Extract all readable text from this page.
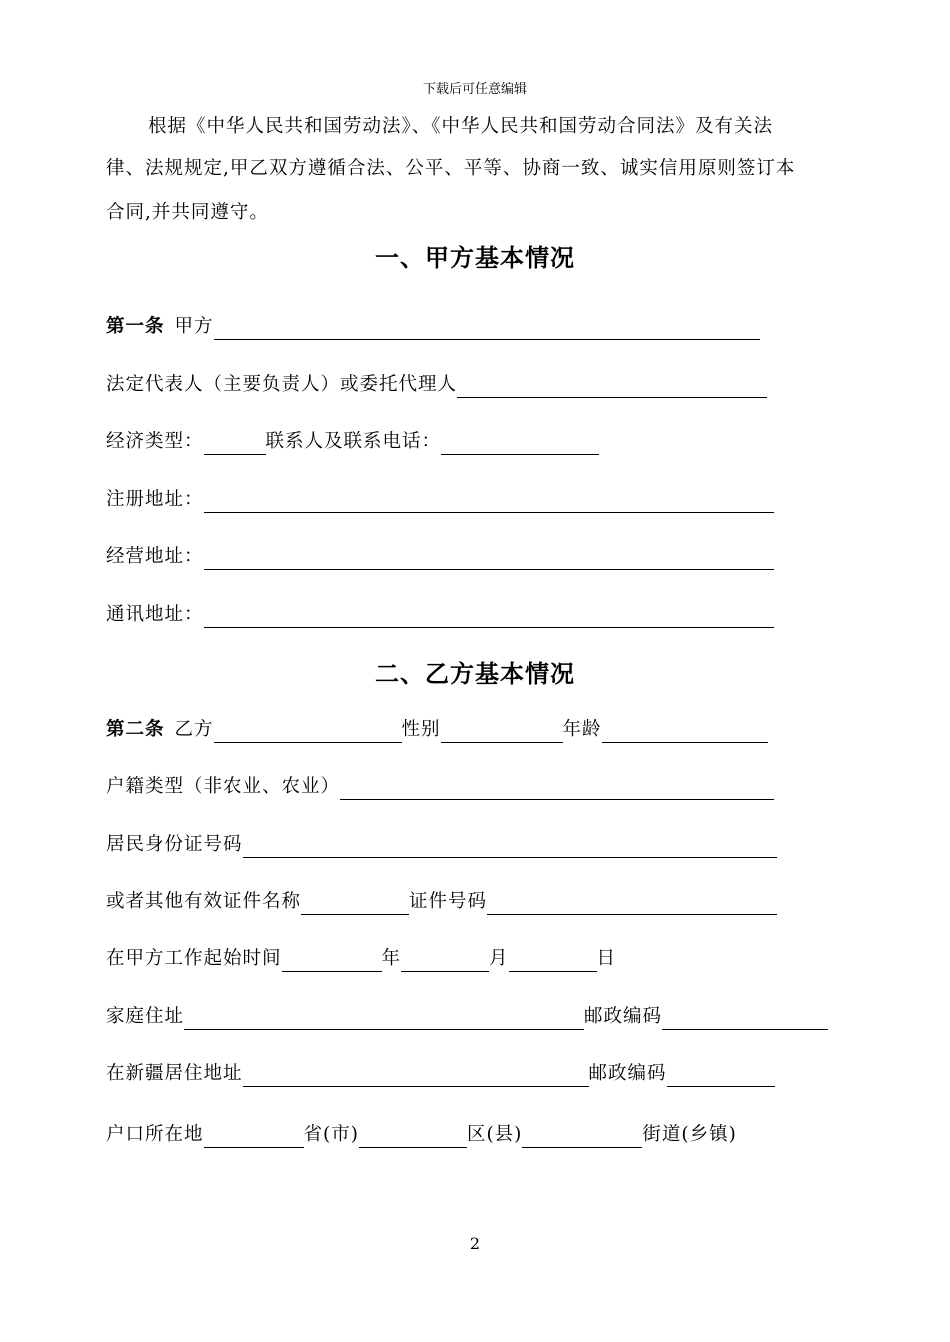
下载后可任意编辑
根据《中华人民共和国劳动法》、《中华人民共和国劳动合同法》及有关法
律、法规规定,甲乙双方遵循合法、公平、平等、协商一致、诚实信用原则签订本
合同,并共同遵守。
一、甲方基本情况
第一条 甲方
法定代表人（主要负责人）或委托代理人
经济类型：	联系人及联系电话：
注册地址：
经营地址：
通讯地址：
二、乙方基本情况
第二条 乙方	性别	年龄
户籍类型（非农业、农业）
居民身份证号码
或者其他有效证件名称	证件号码
在甲方工作起始时间	年	月	日
家庭住址	邮政编码
在新疆居住地址	邮政编码
户口所在地	省(市)	区(县)	街道(乡镇)
2
